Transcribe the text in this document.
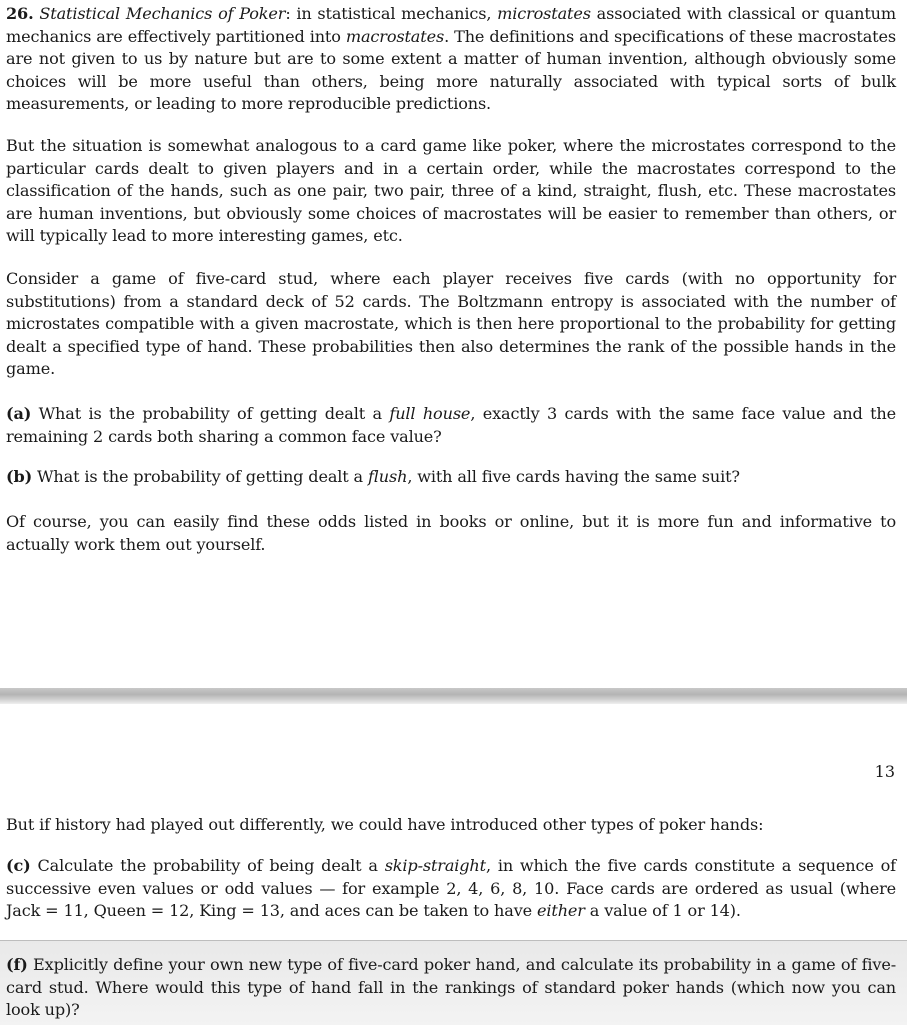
26. Statistical Mechanics of Poker: in statistical mechanics, microstates associated with classical or quantum mechanics are effectively partitioned into macrostates. The definitions and specifications of these macrostates are not given to us by nature but are to some extent a matter of human invention, although obviously some choices will be more useful than others, being more naturally associated with typical sorts of bulk measurements, or leading to more reproducible predictions.

But the situation is somewhat analogous to a card game like poker, where the microstates correspond to the particular cards dealt to given players and in a certain order, while the macrostates correspond to the classification of the hands, such as one pair, two pair, three of a kind, straight, flush, etc. These macrostates are human inventions, but obviously some choices of macrostates will be easier to remember than others, or will typically lead to more interesting games, etc.

Consider a game of five-card stud, where each player receives five cards (with no opportunity for substitutions) from a standard deck of 52 cards. The Boltzmann entropy is associated with the number of microstates compatible with a given macrostate, which is then here proportional to the probability for getting dealt a specified type of hand. These probabilities then also determines the rank of the possible hands in the game.

(a) What is the probability of getting dealt a full house, exactly 3 cards with the same face value and the remaining 2 cards both sharing a common face value?

(b) What is the probability of getting dealt a flush, with all five cards having the same suit?

Of course, you can easily find these odds listed in books or online, but it is more fun and informative to actually work them out yourself.

13

But if history had played out differently, we could have introduced other types of poker hands:

(c) Calculate the probability of being dealt a skip-straight, in which the five cards constitute a sequence of successive even values or odd values — for example 2, 4, 6, 8, 10. Face cards are ordered as usual (where Jack = 11, Queen = 12, King = 13, and aces can be taken to have either a value of 1 or 14).

(f) Explicitly define your own new type of five-card poker hand, and calculate its probability in a game of five-card stud. Where would this type of hand fall in the rankings of standard poker hands (which now you can look up)?
